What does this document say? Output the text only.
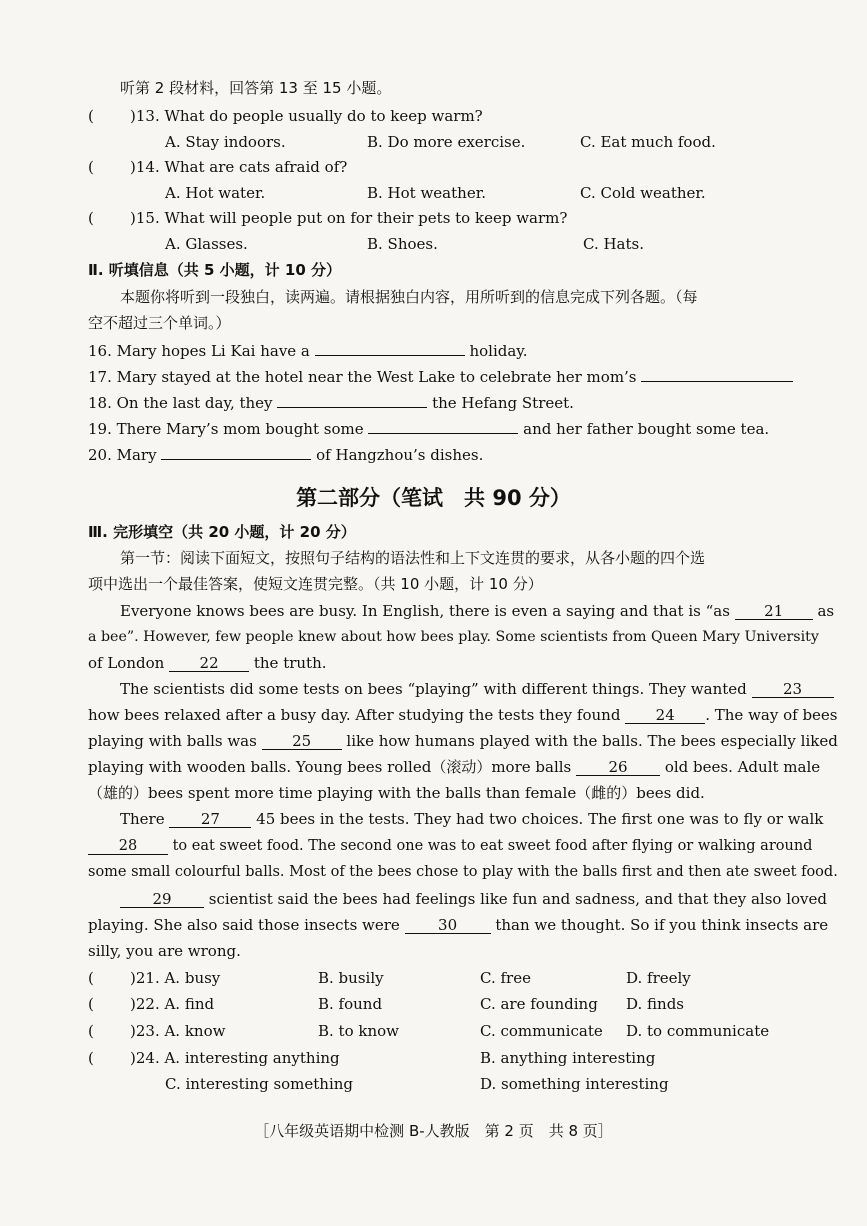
听第 2 段材料，回答第 13 至 15 小题。
( )13. What do people usually do to keep warm?
A. Stay indoors.	B. Do more exercise.	C. Eat much food.
( )14. What are cats afraid of?
A. Hot water.	B. Hot weather.	C. Cold weather.
( )15. What will people put on for their pets to keep warm?
A. Glasses.	B. Shoes.	C. Hats.
Ⅱ. 听填信息（共 5 小题，计 10 分）
本题你将听到一段独白，读两遍。请根据独白内容，用所听到的信息完成下列各题。（每
空不超过三个单词。）
16. Mary hopes Li Kai have a	holiday.
17. Mary stayed at the hotel near the West Lake to celebrate her mom’s
18. On the last day, they	the Hefang Street.
19. There Mary’s mom bought some	and her father bought some tea.
20. Mary	of Hangzhou’s dishes.
第二部分（笔试　共 90 分）
Ⅲ. 完形填空（共 20 小题，计 20 分）
第一节：阅读下面短文，按照句子结构的语法性和上下文连贯的要求，从各小题的四个选
项中选出一个最佳答案，使短文连贯完整。（共 10 小题，计 10 分）
Everyone knows bees are busy. In English, there is even a saying and that is “as 21 as
a bee”. However, few people knew about how bees play. Some scientists from Queen Mary University
of London 22 the truth.
The scientists did some tests on bees “playing” with different things. They wanted 23
how bees relaxed after a busy day. After studying the tests they found 24 . The way of bees
playing with balls was 25 like how humans played with the balls. The bees especially liked
playing with wooden balls. Young bees rolled（滚动）more balls 26 old bees. Adult male
（雄的）bees spent more time playing with the balls than female（雌的）bees did.
There 27 45 bees in the tests. They had two choices. The first one was to fly or walk
28 to eat sweet food. The second one was to eat sweet food after flying or walking around
some small colourful balls. Most of the bees chose to play with the balls first and then ate sweet food.
29 scientist said the bees had feelings like fun and sadness, and that they also loved
playing. She also said those insects were	30	than we thought. So if you think insects are
silly, you are wrong.
( )21. A. busy	B. busily	C. free	D. freely
( )22. A. find	B. found	C. are founding D. finds
( )23. A. know	B. to know	C. communicate D. to communicate
( )24. A. interesting anything	B. anything interesting
C. interesting something	D. something interesting
［八年级英语期中检测 B-人教版　第 2 页　共 8 页］
